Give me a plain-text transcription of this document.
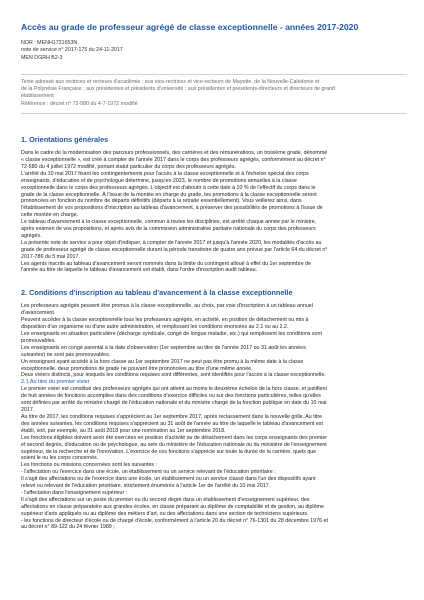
Accès au grade de professeur agrégé de classe exceptionnelle - années 2017-2020
NOR : MENH1731653N
note de service n° 2017-175 du 24-11-2017
MEN DGRH B2-3

Texte adressé aux rectrices et recteurs d'académie ; aux vice-rectrices et vice-recteurs de Mayotte, de la Nouvelle-Calédonie et
de la Polynésie Française ; aux présidentes et présidents d'université ; aux présidentes et présidents-directeurs et directeurs de grand
établissement
Référence : décret n° 72-580 du 4-7-1972 modifié

1. Orientations générales
Dans le cadre de la modernisation des parcours professionnels, des carrières et des rémunérations, un troisième grade, dénommé
« classe exceptionnelle », est créé à compter de l'année 2017 dans le corps des professeurs agrégés, conformément au décret n°
72-580 du 4 juillet 1972 modifié, portant statut particulier du corps des professeurs agrégés.
L'arrêté du 10 mai 2017 fixant les contingentements pour l'accès à la classe exceptionnelle et à l'échelon spécial des corps
enseignants, d'éducation et de psychologue détermine, jusqu'en 2023, le nombre de promotions annuelles à la classe
exceptionnelle dans le corps des professeurs agrégés. L'objectif est d'aboutir à cette date à 10 % de l'effectif du corps dans le
grade de la classe exceptionnelle. À l'issue de la montée en charge du grade, les promotions à la classe exceptionnelle seront
prononcées en fonction du nombre de départs définitifs (départs à la retraite essentiellement). Vous veillerez ainsi, dans
l'établissement de vos propositions d'inscription au tableau d'avancement, à préserver des possibilités de promotions à l'issue de
cette montée en charge.
Le tableau d'avancement à la classe exceptionnelle, commun à toutes les disciplines, est arrêté chaque année par le ministre,
après examen de vos propositions, et après avis de la commission administrative paritaire nationale du corps des professeurs
agrégés.
La présente note de service a pour objet d'indiquer, à compter de l'année 2017 et jusqu'à l'année 2020, les modalités d'accès au
grade de professeur agrégé de classe exceptionnelle durant la période transitoire de quatre ans prévue par l'article 64 du décret n°
2017-786 du 5 mai 2017.
Les agents inscrits au tableau d'avancement seront nommés dans la limite du contingent alloué à effet du 1er septembre de
l'année au titre de laquelle le tableau d'avancement est établi, dans l'ordre d'inscription audit tableau.
2. Conditions d'inscription au tableau d'avancement à la classe exceptionnelle
Les professeurs agrégés peuvent être promus à la classe exceptionnelle, au choix, par voie d'inscription à un tableau annuel
d'avancement.
Peuvent accéder à la classe exceptionnelle tous les professeurs agrégés, en activité, en position de détachement ou mis à
disposition d'un organisme ou d'une autre administration, et remplissant les conditions énoncées au 2.1 ou au 2.2.
Les enseignants en situation particulière (décharge syndicale, congé de longue maladie, etc.) qui remplissent les conditions sont
promouvables.
Les enseignants en congé parental à la date d'observation (1er septembre au titre de l'année 2017 ou 31 août les années
suivantes) ne sont pas promouvables.
Un enseignant ayant accédé à la hors classe au 1er septembre 2017 ne peut pas être promu à la même date à la classe
exceptionnelle, deux promotions de grade ne pouvant être prononcées au titre d'une même année.
Deux viviers distincts, pour lesquels les conditions requises sont différentes, sont identifiés pour l'accès à la classe exceptionnelle.
2.1 Au titre du premier vivier
Le premier vivier est constitué des professeurs agrégés qui ont atteint au moins le deuxième échelon de la hors classe, et justifient
de huit années de fonctions accomplies dans des conditions d'exercice difficiles ou sur des fonctions particulières, telles qu'elles
sont définies par arrêté du ministre chargé de l'éducation nationale et du ministre chargé de la fonction publique en date du 10 mai
2017.
Au titre de 2017, les conditions requises s'apprécient au 1er septembre 2017, après reclassement dans la nouvelle grille. Au titre
des années suivantes, les conditions requises s'apprécient au 31 août de l'année au titre de laquelle le tableau d'avancement est
établi, soit, par exemple, au 31 août 2018 pour une nomination au 1er septembre 2018.
Les fonctions éligibles doivent avoir été exercées en position d'activité ou de détachement dans les corps enseignants des premier
et second degrés, d'éducation ou de psychologue, au sein du ministère de l'éducation nationale ou du ministère de l'enseignement
supérieur, de la recherche et de l'innovation. L'exercice de ces fonctions s'apprécie sur toute la durée de la carrière, quels que
soient le ou les corps concernés.
Les fonctions ou missions concernées sont les suivantes :
- l'affectation ou l'exercice dans une école, un établissement ou un service relevant de l'éducation prioritaire :
Il s'agit des affectations ou de l'exercice dans une école, un établissement ou un service classé dans l'un des dispositifs ayant
relevé ou relevant de l'éducation prioritaire, strictement énumérés à l'article 1er de l'arrêté du 10 mai 2017.
- l'affectation dans l'enseignement supérieur :
Il s'agit des affectations sur un poste du premier ou du second degré dans un établissement d'enseignement supérieur, des
affectations en classe préparatoire aux grandes écoles, en classe préparant au diplôme de comptabilité et de gestion, au diplôme
supérieur d'arts appliqués ou au diplôme des métiers d'art, ou des affectations dans une section de techniciens supérieurs.
- les fonctions de directeur d'école ou de chargé d'école, conformément à l'article 20 du décret n° 76-1301 du 28 décembre 1976 et
au décret n° 89-122 du 24 février 1989 ;
